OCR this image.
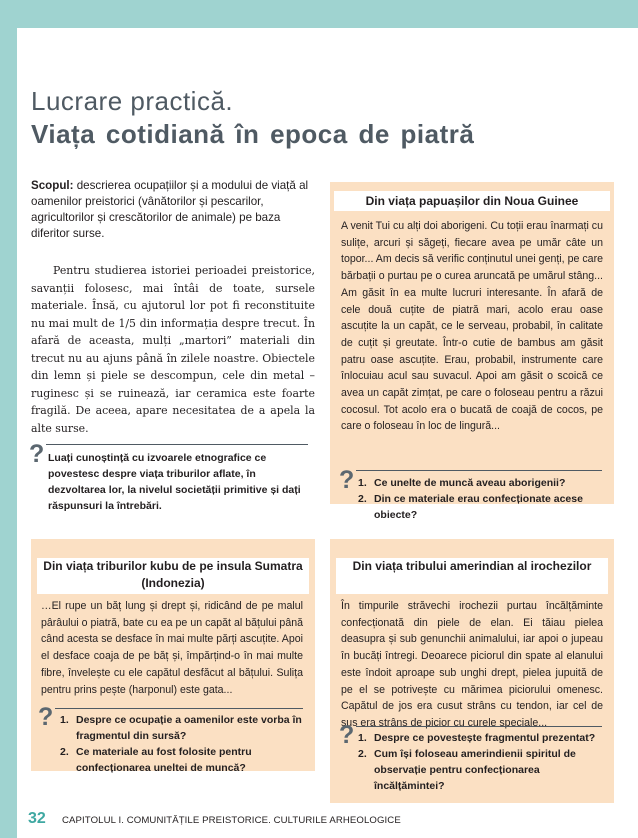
Lucrare practică.
Viața cotidiană în epoca de piatră
Scopul: descrierea ocupațiilor și a modului de viață al oamenilor preistorici (vânătorilor și pescarilor, agricultorilor și crescătorilor de animale) pe baza diferitor surse.

Pentru studierea istoriei perioadei preistorice, savanții folosesc, mai întâi de toate, sursele materiale. Însă, cu ajutorul lor pot fi reconstituite nu mai mult de 1/5 din informația despre trecut. În afară de aceasta, mulți „martori” materiali din trecut nu au ajuns până în zilele noastre. Obiectele din lemn și piele se descompun, cele din metal – ruginesc și se ruinează, iar ceramica este foarte fragilă. De aceea, apare necesitatea de a apela la alte surse.

? Luați cunoștință cu izvoarele etnografice ce povestesc despre viața triburilor aflate, în dezvoltarea lor, la nivelul societății primitive și dați răspunsuri la întrebări.
Din viața papuașilor din Noua Guinee
A venit Tui cu alți doi aborigeni. Cu toții erau înarmați cu sulițe, arcuri și săgeți, fiecare avea pe umăr câte un topor... Am decis să verific conținutul unei genți, pe care bărbații o purtau pe o curea aruncată pe umărul stâng... Am găsit în ea multe lucruri interesante. În afară de cele două cuțite de piatră mari, acolo erau oase ascuțite la un capăt, ce le serveau, probabil, în calitate de cuțit și greutate. Într-o cutie de bambus am găsit patru oase ascuțite. Erau, probabil, instrumente care înlocuiau acul sau suvacul. Apoi am găsit o scoică ce avea un capăt zimțat, pe care o foloseau pentru a răzui cocosul. Tot acolo era o bucată de coajă de cocos, pe care o foloseau în loc de lingură...
? 1. Ce unelte de muncă aveau aborigenii?
2. Din ce materiale erau confecționate acese obiecte?
Din viața triburilor kubu de pe insula Sumatra (Indonezia)
…El rupe un băț lung și drept și, ridicând de pe malul pârâului o piatră, bate cu ea pe un capăt al bățului până când acesta se desface în mai multe părți ascuțite. Apoi el desface coaja de pe băț și, împărțind-o în mai multe fibre, învelește cu ele capătul desfăcut al bățului. Sulița pentru prins pește (harponul) este gata...
? 1. Despre ce ocupație a oamenilor este vorba în fragmentul din sursă?
2. Ce materiale au fost folosite pentru confecționarea uneltei de muncă?
Din viața tribului amerindian al irochezilor
În timpurile străvechi irochezii purtau încălțăminte confecționată din piele de elan. Ei tăiau pielea deasupra și sub genunchii animalului, iar apoi o jupeau în bucăți întregi. Deoarece piciorul din spate al elanului este îndoit aproape sub unghi drept, pielea jupuită de pe el se potrivește cu mărimea piciorului omenesc. Capătul de jos era cusut strâns cu tendon, iar cel de sus era strâns de picior cu curele speciale...
? 1. Despre ce povestește fragmentul prezentat?
2. Cum își foloseau amerindienii spiritul de observație pentru confecționarea încălțămintei?
32 CAPITOLUL I. COMUNITĂȚILE PREISTORICE. CULTURILE ARHEOLOGICE
